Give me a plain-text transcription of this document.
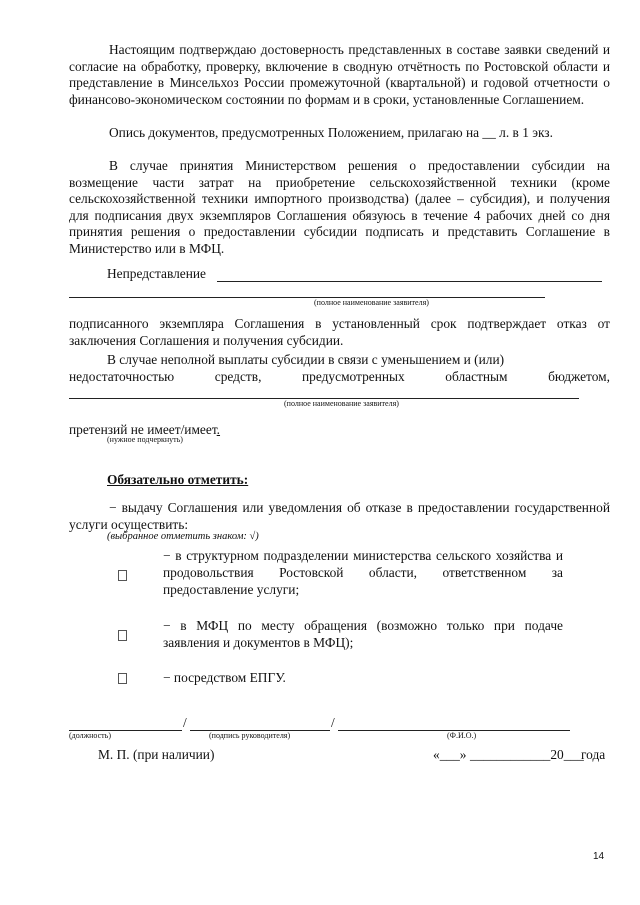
Настоящим подтверждаю достоверность представленных в составе заявки сведений и согласие на обработку, проверку, включение в сводную отчётность по Ростовской области и представление в Минсельхоз России промежуточной (квартальной) и годовой отчетности о финансово-экономическом состоянии по формам и в сроки, установленные Соглашением.

Опись документов, предусмотренных Положением, прилагаю на __ л. в 1 экз.

В случае принятия Министерством решения о предоставлении субсидии на возмещение части затрат на приобретение сельскохозяйственной техники (кроме сельскохозяйственной техники импортного производства) (далее – субсидия), и получения для подписания двух экземпляров Соглашения обязуюсь в течение 4 рабочих дней со дня принятия решения о предоставлении субсидии подписать и представить Соглашение в Министерство или в МФЦ.

Непредставление
(полное наименование заявителя)

подписанного экземпляра Соглашения в установленный срок подтверждает отказ от заключения Соглашения и получения субсидии.

В случае неполной выплаты субсидии в связи с уменьшением и (или)
недостаточностью	средств,	предусмотренных	областным	бюджетом,
(полное наименование заявителя)
претензий не имеет/имеет.
(нужное подчеркнуть)
Обязательно отметить:

− выдачу Соглашения или уведомления об отказе в предоставлении государственной услуги осуществить:

(выбранное отметить знаком: √)

− в структурном подразделении министерства сельского хозяйства и продовольствия Ростовской области, ответственном за предоставление услуги;

− в МФЦ по месту обращения (возможно только при подаче заявления и документов в МФЦ);

− посредством ЕПГУ.

/	/
(должность)	(подпись руководителя)	(Ф.И.О.)
М. П. (при наличии)	«___» ____________20___
года
14
